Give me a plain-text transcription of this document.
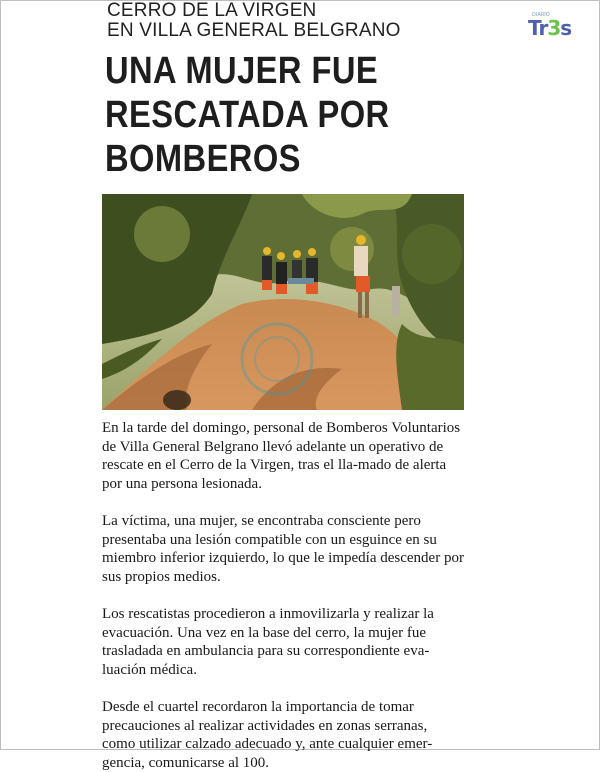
CERRO DE LA VIRGEN
EN VILLA GENERAL BELGRANO
DIARIO
Tr3s
UNA MUJER FUE
RESCATADA POR
BOMBEROS

En la tarde del domingo, personal de Bomberos Voluntarios de Villa General Belgrano llevó adelante un operativo de rescate en el Cerro de la Virgen, tras el lla-mado de alerta por una persona lesionada.

La víctima, una mujer, se encontraba consciente pero presentaba una lesión compatible con un esguince en su miembro inferior izquierdo, lo que le impedía descender por sus propios medios.

Los rescatistas procedieron a inmovilizarla y realizar la evacuación. Una vez en la base del cerro, la mujer fue trasladada en ambulancia para su correspondiente eva-luación médica.

Desde el cuartel recordaron la importancia de tomar precauciones al realizar actividades en zonas serranas, como utilizar calzado adecuado y, ante cualquier emer-gencia, comunicarse al 100.
